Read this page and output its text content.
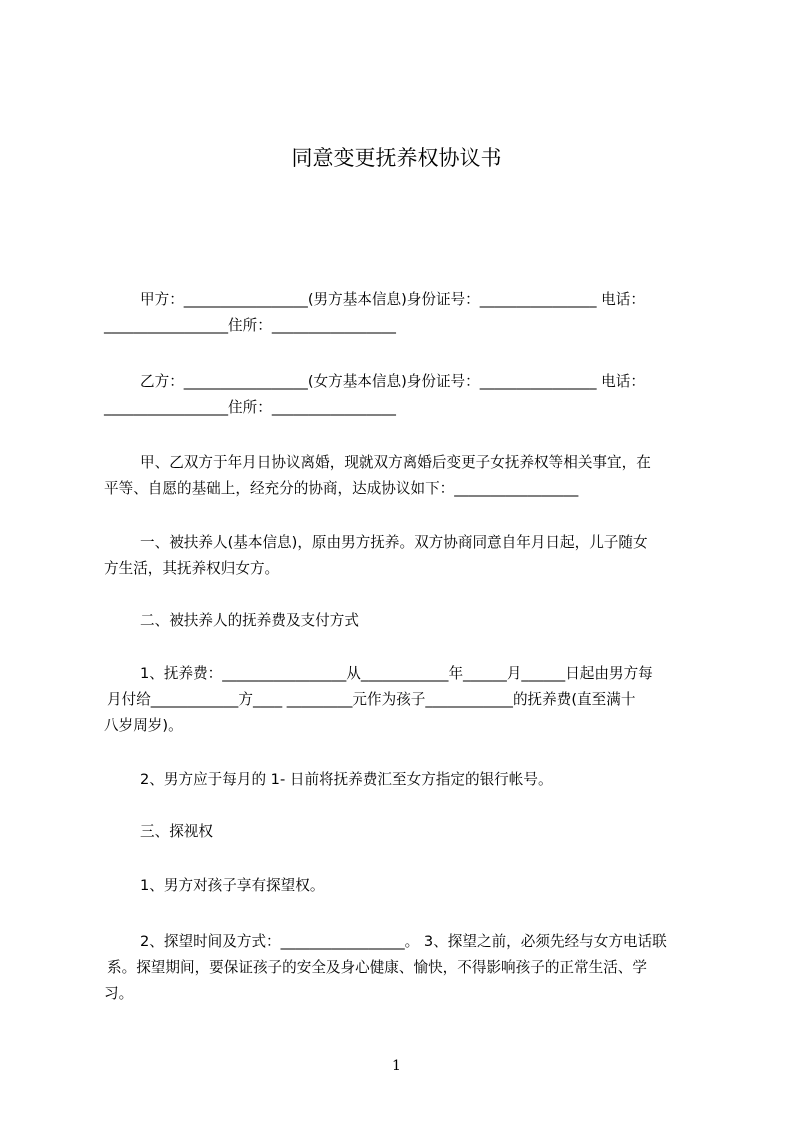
同意变更抚养权协议书
甲方：_________________(男方基本信息)身份证号：________________ 电话：
_________________住所：_________________
乙方：_________________(女方基本信息)身份证号：________________ 电话：
_________________住所：_________________
甲、乙双方于年月日协议离婚，现就双方离婚后变更子女抚养权等相关事宜，在
平等、自愿的基础上，经充分的协商，达成协议如下：_________________
一、被扶养人(基本信息)，原由男方抚养。双方协商同意自年月日起，儿子随女
方生活，其抚养权归女方。
二、被扶养人的抚养费及支付方式
1、抚养费：_________________从____________年______月______日起由男方每
月付给____________方____ _________元作为孩子____________的抚养费(直至满十
八岁周岁)。
2、男方应于每月的 1- 日前将抚养费汇至女方指定的银行帐号。
三、探视权
1、男方对孩子享有探望权。
2、探望时间及方式：_________________。 3、探望之前，必须先经与女方电话联
系。探望期间，要保证孩子的安全及身心健康、愉快，不得影响孩子的正常生活、学
习。
1
